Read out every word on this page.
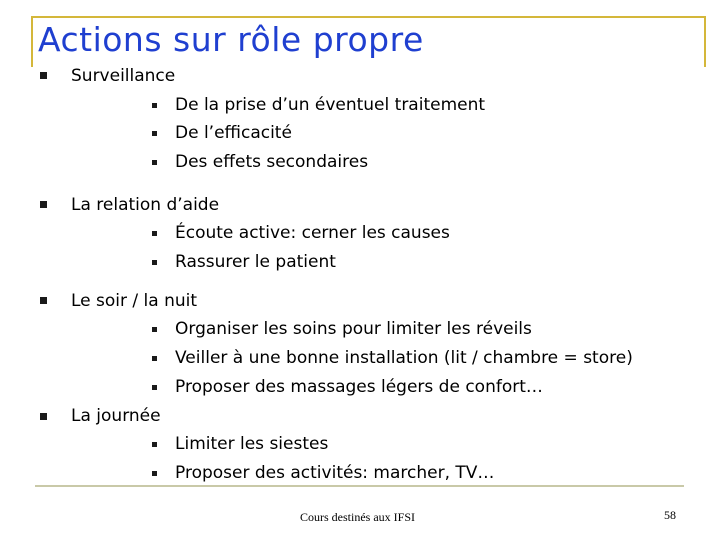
Actions sur rôle propre
Surveillance
De la prise d’un éventuel traitement
De l’efficacité
Des effets secondaires
La relation d’aide
Écoute active: cerner les causes
Rassurer le patient
Le soir / la nuit
Organiser les soins pour limiter les réveils
Veiller à une bonne installation (lit / chambre = store)
Proposer des massages légers de confort…
La journée
Limiter les siestes
Proposer des activités: marcher, TV…
Cours destinés aux IFSI	58
